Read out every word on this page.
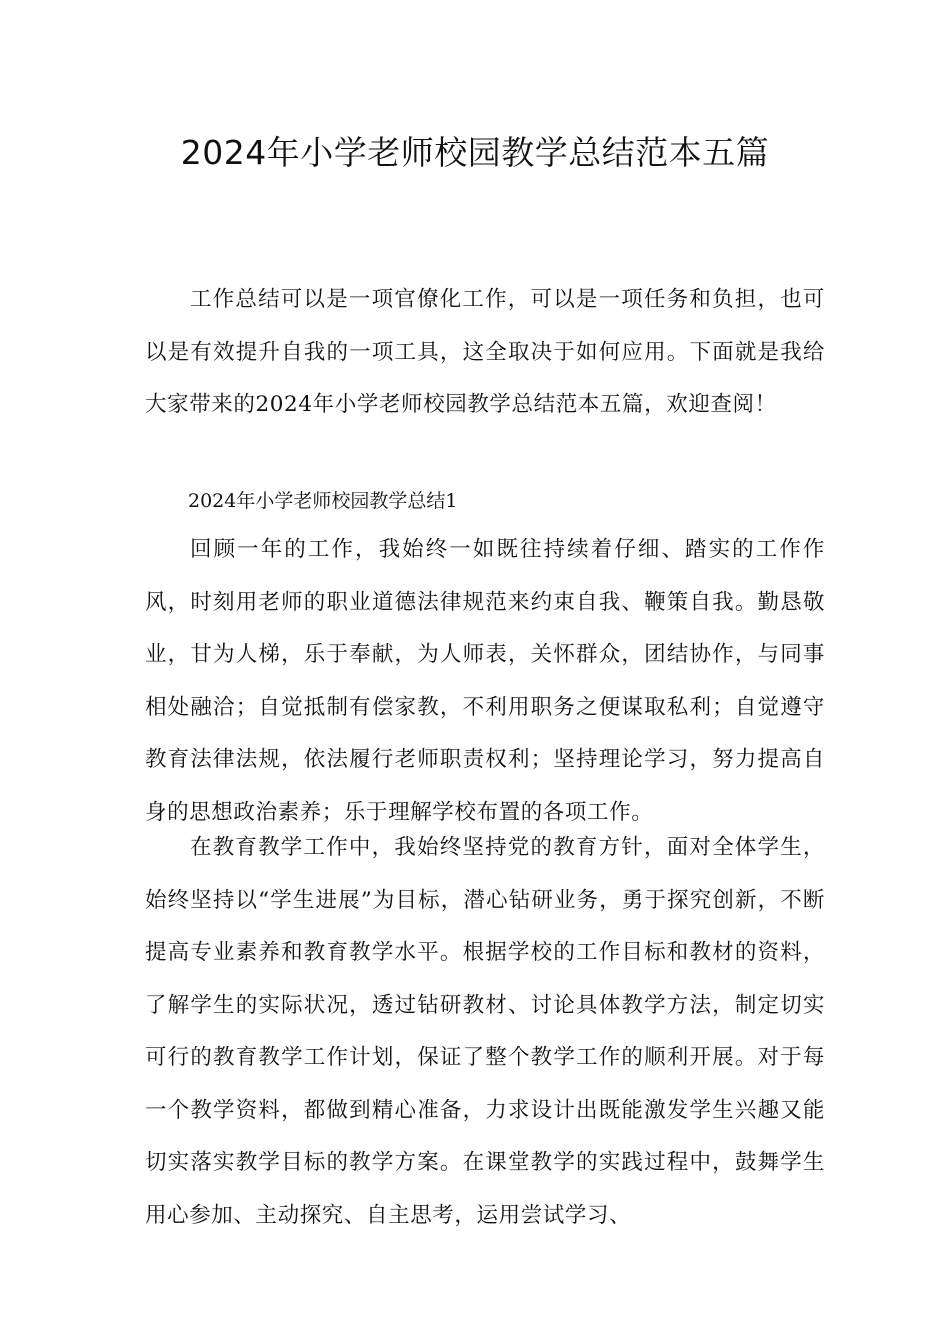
2024年小学老师校园教学总结范本五篇

工作总结可以是一项官僚化工作，可以是一项任务和负担，也可以是有效提升自我的一项工具，这全取决于如何应用。下面就是我给大家带来的2024年小学老师校园教学总结范本五篇，欢迎查阅！

2024年小学老师校园教学总结1

回顾一年的工作，我始终一如既往持续着仔细、踏实的工作作风，时刻用老师的职业道德法律规范来约束自我、鞭策自我。勤恳敬业，甘为人梯，乐于奉献，为人师表，关怀群众，团结协作，与同事相处融洽；自觉抵制有偿家教，不利用职务之便谋取私利；自觉遵守教育法律法规，依法履行老师职责权利；坚持理论学习，努力提高自身的思想政治素养；乐于理解学校布置的各项工作。

在教育教学工作中，我始终坚持党的教育方针，面对全体学生，始终坚持以“学生进展”为目标，潜心钻研业务，勇于探究创新，不断提高专业素养和教育教学水平。根据学校的工作目标和教材的资料，了解学生的实际状况，透过钻研教材、讨论具体教学方法，制定切实可行的教育教学工作计划，保证了整个教学工作的顺利开展。对于每一个教学资料，都做到精心准备，力求设计出既能激发学生兴趣又能切实落实教学目标的教学方案。在课堂教学的实践过程中，鼓舞学生用心参加、主动探究、自主思考，运用尝试学习、
